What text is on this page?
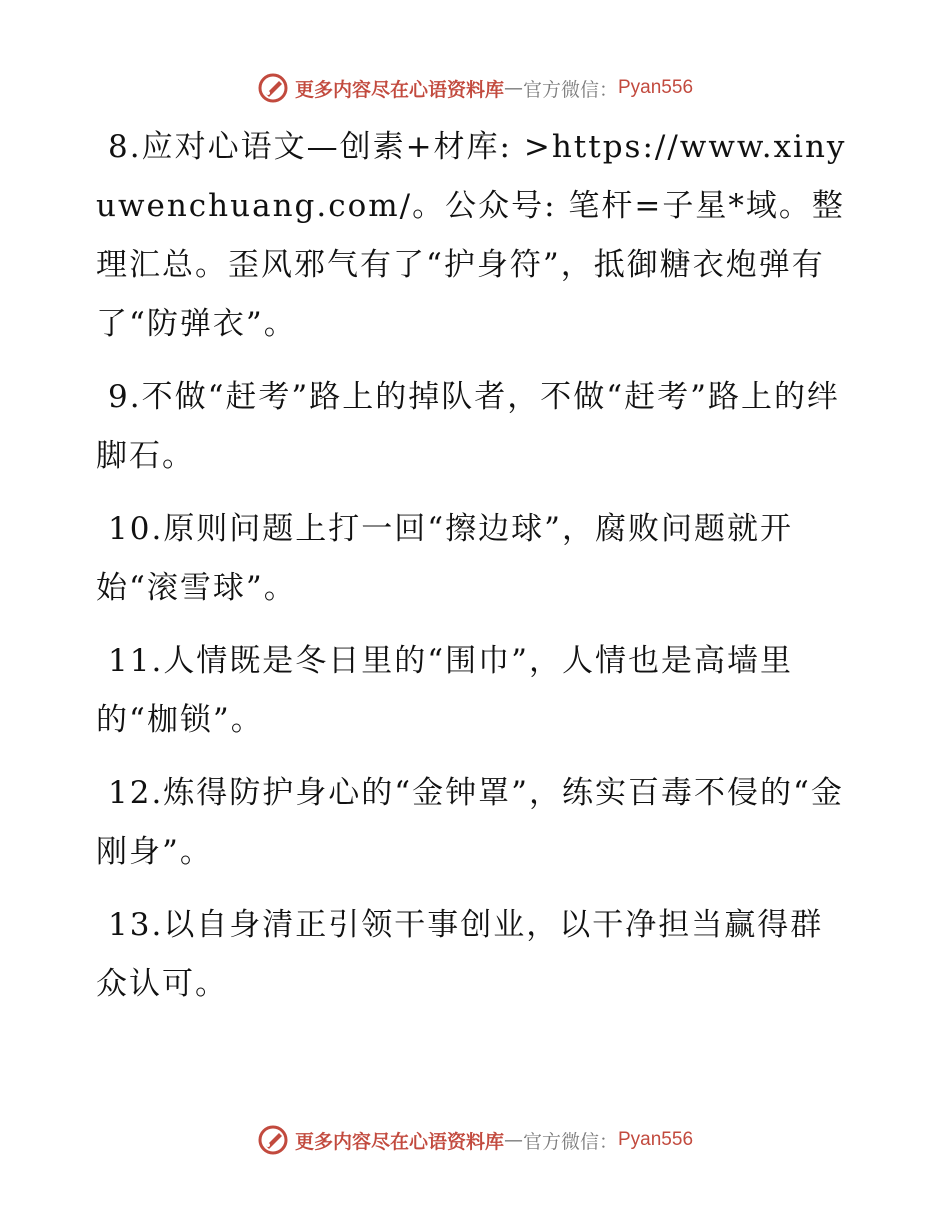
更多内容尽在心语资料库 — 官方微信： Pyan556

8.应对心语文—创素+材库: >https://www.xinyuwenchuang.com/。公众号: 笔杆=子星*域。整理汇总。歪风邪气有了“护身符”，抵御糖衣炮弹有了“防弹衣”。

9.不做“赶考”路上的掉队者，不做“赶考”路上的绊脚石。

10.原则问题上打一回“擦边球”，腐败问题就开始“滚雪球”。

11.人情既是冬日里的“围巾”，人情也是高墙里的“枷锁”。

12.炼得防护身心的“金钟罩”，练实百毒不侵的“金刚身”。

13.以自身清正引领干事创业，以干净担当赢得群众认可。

更多内容尽在心语资料库 — 官方微信： Pyan556
